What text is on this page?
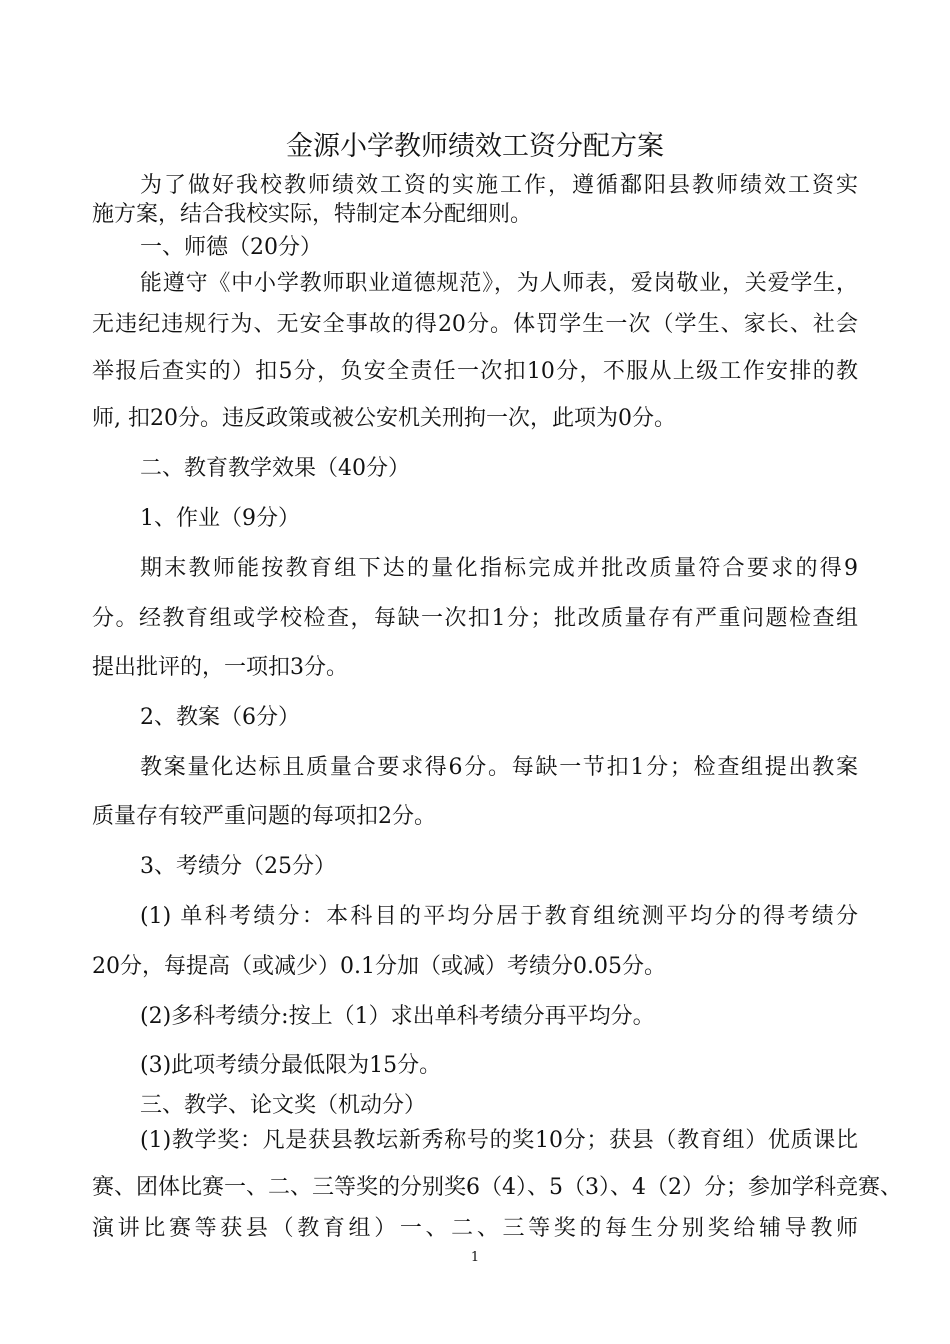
金源小学教师绩效工资分配方案
为了做好我校教师绩效工资的实施工作，遵循鄱阳县教师绩效工资实
施方案，结合我校实际，特制定本分配细则。
一、师德（20分）
能遵守《中小学教师职业道德规范》，为人师表，爱岗敬业，关爱学生，
无违纪违规行为、无安全事故的得20分。体罚学生一次（学生、家长、社会
举报后查实的）扣5分，负安全责任一次扣10分，不服从上级工作安排的教
师, 扣20分。违反政策或被公安机关刑拘一次，此项为0分。
二、教育教学效果（40分）
1、作业（9分）
期末教师能按教育组下达的量化指标完成并批改质量符合要求的得9
分。经教育组或学校检查，每缺一次扣1分；批改质量存有严重问题检查组
提出批评的，一项扣3分。
2、教案（6分）
教案量化达标且质量合要求得6分。每缺一节扣1分；检查组提出教案
质量存有较严重问题的每项扣2分。
3、考绩分（25分）
(1) 单科考绩分：本科目的平均分居于教育组统测平均分的得考绩分
20分，每提高（或减少）0.1分加（或减）考绩分0.05分。
(2)多科考绩分:按上（1）求出单科考绩分再平均分。
(3)此项考绩分最低限为15分。
三、教学、论文奖（机动分）
(1)教学奖：凡是获县教坛新秀称号的奖10分；获县（教育组）优质课比
赛、团体比赛一、二、三等奖的分别奖6（4）、5（3）、4（2）分；参加学科竞赛、
演讲比赛等获县（教育组）一、二、三等奖的每生分别奖给辅导教师
1
